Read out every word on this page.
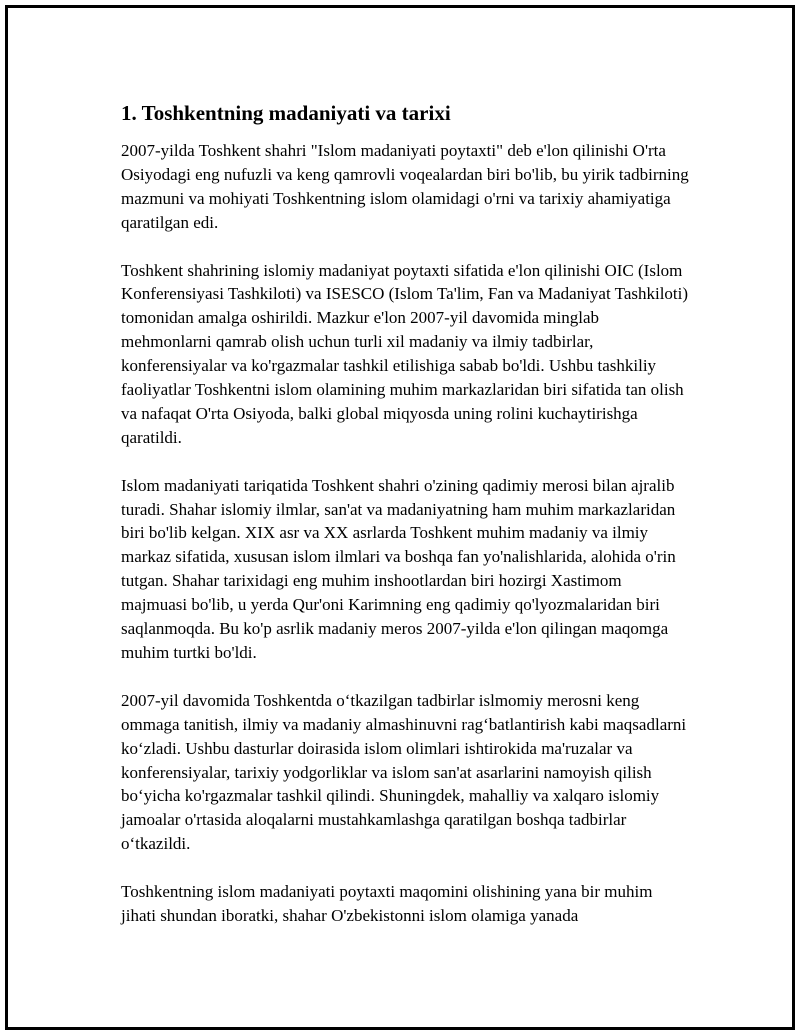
1. Toshkentning madaniyati va tarixi

2007-yilda Toshkent shahri "Islom madaniyati poytaxti" deb e'lon qilinishi O'rta Osiyodagi eng nufuzli va keng qamrovli voqealardan biri bo'lib, bu yirik tadbirning mazmuni va mohiyati Toshkentning islom olamidagi o'rni va tarixiy ahamiyatiga qaratilgan edi.

Toshkent shahrining islomiy madaniyat poytaxti sifatida e'lon qilinishi OIC (Islom Konferensiyasi Tashkiloti) va ISESCO (Islom Ta'lim, Fan va Madaniyat Tashkiloti) tomonidan amalga oshirildi. Mazkur e'lon 2007-yil davomida minglab mehmonlarni qamrab olish uchun turli xil madaniy va ilmiy tadbirlar, konferensiyalar va ko'rgazmalar tashkil etilishiga sabab bo'ldi. Ushbu tashkiliy faoliyatlar Toshkentni islom olamining muhim markazlaridan biri sifatida tan olish va nafaqat O'rta Osiyoda, balki global miqyosda uning rolini kuchaytirishga qaratildi.

Islom madaniyati tariqatida Toshkent shahri o'zining qadimiy merosi bilan ajralib turadi. Shahar islomiy ilmlar, san'at va madaniyatning ham muhim markazlaridan biri bo'lib kelgan. XIX asr va XX asrlarda Toshkent muhim madaniy va ilmiy markaz sifatida, xususan islom ilmlari va boshqa fan yo'nalishlarida, alohida o'rin tutgan. Shahar tarixidagi eng muhim inshootlardan biri hozirgi Xastimom majmuasi bo'lib, u yerda Qur'oni Karimning eng qadimiy qo'lyozmalaridan biri saqlanmoqda. Bu ko'p asrlik madaniy meros 2007-yilda e'lon qilingan maqomga muhim turtki bo'ldi.

2007-yil davomida Toshkentda o‘tkazilgan tadbirlar islmomiy merosni keng ommaga tanitish, ilmiy va madaniy almashinuvni rag‘batlantirish kabi maqsadlarni ko‘zladi. Ushbu dasturlar doirasida islom olimlari ishtirokida ma'ruzalar va konferensiyalar, tarixiy yodgorliklar va islom san'at asarlarini namoyish qilish bo‘yicha ko'rgazmalar tashkil qilindi. Shuningdek, mahalliy va xalqaro islomiy jamoalar o'rtasida aloqalarni mustahkamlashga qaratilgan boshqa tadbirlar o‘tkazildi.

Toshkentning islom madaniyati poytaxti maqomini olishining yana bir muhim jihati shundan iboratki, shahar O'zbekistonni islom olamiga yanada
